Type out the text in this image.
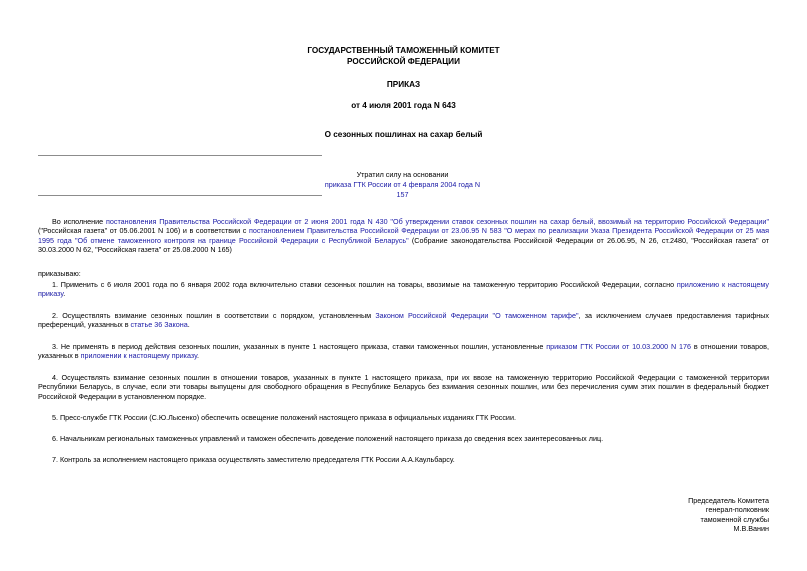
ГОСУДАРСТВЕННЫЙ ТАМОЖЕННЫЙ КОМИТЕТ
РОССИЙСКОЙ ФЕДЕРАЦИИ
ПРИКАЗ
от 4 июля 2001 года N 643
О сезонных пошлинах на сахар белый
Утратил силу на основании
приказа ГТК России от 4 февраля 2004 года N 157
Во исполнение постановления Правительства Российской Федерации от 2 июня 2001 года N 430 "Об утверждении ставок сезонных пошлин на сахар белый, ввозимый на территорию Российской Федерации" ("Российская газета" от 05.06.2001 N 106) и в соответствии с постановлением Правительства Российской Федерации от 23.06.95 N 583 "О мерах по реализации Указа Президента Российской Федерации от 25 мая 1995 года "Об отмене таможенного контроля на границе Российской Федерации с Республикой Беларусь" (Собрание законодательства Российской Федерации от 26.06.95, N 26, ст.2480, "Российская газета" от 30.03.2000 N 62, "Российская газета" от 25.08.2000 N 165)
приказываю:
1. Применить с 6 июля 2001 года по 6 января 2002 года включительно ставки сезонных пошлин на товары, ввозимые на таможенную территорию Российской Федерации, согласно приложению к настоящему приказу.
2. Осуществлять взимание сезонных пошлин в соответствии с порядком, установленным Законом Российской Федерации "О таможенном тарифе", за исключением случаев предоставления тарифных преференций, указанных в статье 36 Закона.
3. Не применять в период действия сезонных пошлин, указанных в пункте 1 настоящего приказа, ставки таможенных пошлин, установленные приказом ГТК России от 10.03.2000 N 176 в отношении товаров, указанных в приложении к настоящему приказу.
4. Осуществлять взимание сезонных пошлин в отношении товаров, указанных в пункте 1 настоящего приказа, при их ввозе на таможенную территорию Российской Федерации с таможенной территории Республики Беларусь, в случае, если эти товары выпущены для свободного обращения в Республике Беларусь без взимания сезонных пошлин, или без перечисления сумм этих пошлин в федеральный бюджет Российской Федерации в установленном порядке.
5. Пресс-службе ГТК России (С.Ю.Лысенко) обеспечить освещение положений настоящего приказа в официальных изданиях ГТК России.
6. Начальникам региональных таможенных управлений и таможен обеспечить доведение положений настоящего приказа до сведения всех заинтересованных лиц.
7. Контроль за исполнением настоящего приказа осуществлять заместителю председателя ГТК России А.А.Каульбарсу.
Председатель Комитета
генерал-полковник
таможенной службы
М.В.Ванин
